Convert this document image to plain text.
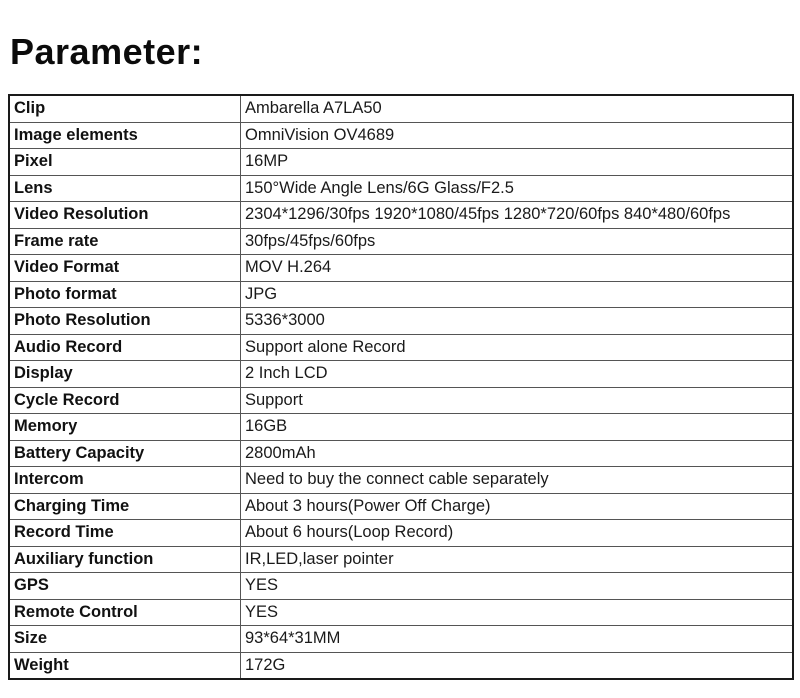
Parameter:
Clip	Ambarella A7LA50
Image elements	OmniVision OV4689
Pixel	16MP
Lens	150°Wide Angle Lens/6G Glass/F2.5
Video Resolution	2304*1296/30fps 1920*1080/45fps 1280*720/60fps 840*480/60fps
Frame rate	30fps/45fps/60fps
Video Format	MOV H.264
Photo format	JPG
Photo Resolution	5336*3000
Audio Record	Support alone Record
Display	2 Inch LCD
Cycle Record	Support
Memory	16GB
Battery Capacity	2800mAh
Intercom	Need to buy the connect cable separately
Charging Time	About 3 hours(Power Off Charge)
Record Time	About 6 hours(Loop Record)
Auxiliary function	IR,LED,laser pointer
GPS	YES
Remote Control	YES
Size	93*64*31MM
Weight	172G
